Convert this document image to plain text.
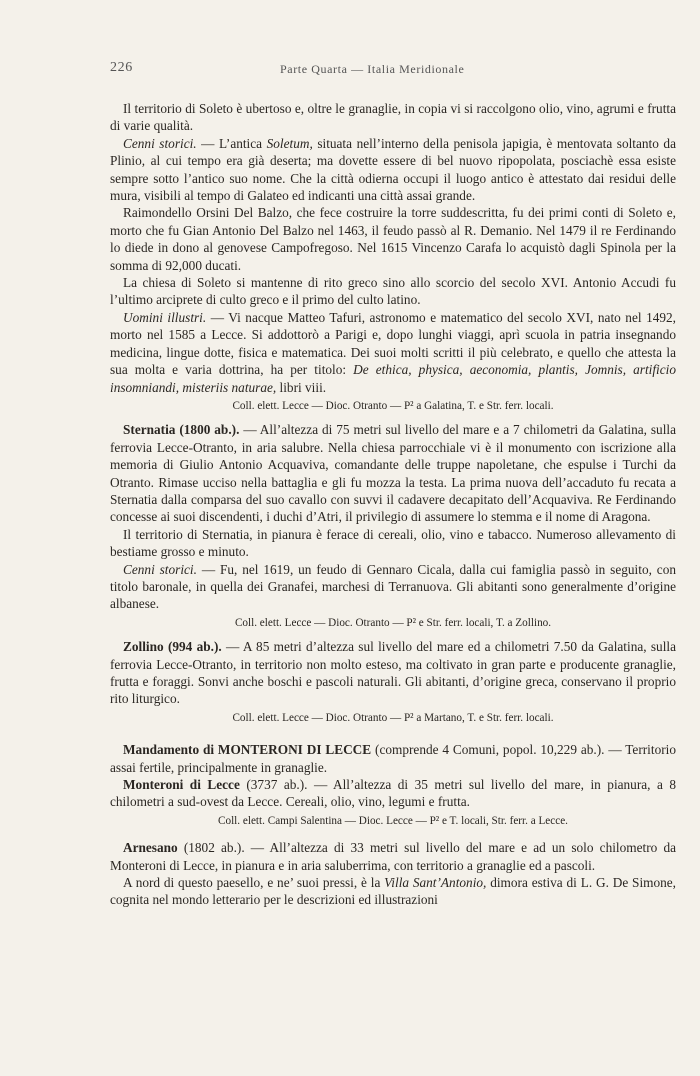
226	Parte Quarta — Italia Meridionale

Il territorio di Soleto è ubertoso e, oltre le granaglie, in copia vi si raccolgono olio, vino, agrumi e frutta di varie qualità.

Cenni storici. — L’antica Soletum, situata nell’interno della penisola japigia, è mentovata soltanto da Plinio, al cui tempo era già deserta; ma dovette essere di bel nuovo ripopolata, posciachè essa esiste sempre sotto l’antico suo nome. Che la città odierna occupi il luogo antico è attestato dai residui delle mura, visibili al tempo di Galateo ed indicanti una città assai grande.

Raimondello Orsini Del Balzo, che fece costruire la torre suddescritta, fu dei primi conti di Soleto e, morto che fu Gian Antonio Del Balzo nel 1463, il feudo passò al R. Demanio. Nel 1479 il re Ferdinando lo diede in dono al genovese Campofregoso. Nel 1615 Vincenzo Carafa lo acquistò dagli Spinola per la somma di 92,000 ducati.

La chiesa di Soleto si mantenne di rito greco sino allo scorcio del secolo XVI. Antonio Accudi fu l’ultimo arciprete di culto greco e il primo del culto latino.

Uomini illustri. — Vi nacque Matteo Tafuri, astronomo e matematico del secolo XVI, nato nel 1492, morto nel 1585 a Lecce. Si addottorò a Parigi e, dopo lunghi viaggi, aprì scuola in patria insegnando medicina, lingue dotte, fisica e matematica. Dei suoi molti scritti il più celebrato, e quello che attesta la sua molta e varia dottrina, ha per titolo: De ethica, physica, aeconomia, plantis, Jomnis, artificio insomniandi, misteriis naturae, libri viii.

Coll. elett. Lecce — Dioc. Otranto — P² a Galatina, T. e Str. ferr. locali.

Sternatia (1800 ab.). — All’altezza di 75 metri sul livello del mare e a 7 chilometri da Galatina, sulla ferrovia Lecce-Otranto, in aria salubre. Nella chiesa parrocchiale vi è il monumento con iscrizione alla memoria di Giulio Antonio Acquaviva, comandante delle truppe napoletane, che espulse i Turchi da Otranto. Rimase ucciso nella battaglia e gli fu mozza la testa. La prima nuova dell’accaduto fu recata a Sternatia dalla comparsa del suo cavallo con suvvi il cadavere decapitato dell’Acquaviva. Re Ferdinando concesse ai suoi discendenti, i duchi d’Atri, il privilegio di assumere lo stemma e il nome di Aragona.

Il territorio di Sternatia, in pianura è ferace di cereali, olio, vino e tabacco. Numeroso allevamento di bestiame grosso e minuto.

Cenni storici. — Fu, nel 1619, un feudo di Gennaro Cicala, dalla cui famiglia passò in seguito, con titolo baronale, in quella dei Granafei, marchesi di Terranuova. Gli abitanti sono generalmente d’origine albanese.

Coll. elett. Lecce — Dioc. Otranto — P² e Str. ferr. locali, T. a Zollino.

Zollino (994 ab.). — A 85 metri d’altezza sul livello del mare ed a chilometri 7.50 da Galatina, sulla ferrovia Lecce-Otranto, in territorio non molto esteso, ma coltivato in gran parte e producente granaglie, frutta e foraggi. Sonvi anche boschi e pascoli naturali. Gli abitanti, d’origine greca, conservano il proprio rito liturgico.

Coll. elett. Lecce — Dioc. Otranto — P² a Martano, T. e Str. ferr. locali.

Mandamento di MONTERONI DI LECCE (comprende 4 Comuni, popol. 10,229 ab.). — Territorio assai fertile, principalmente in granaglie.

Monteroni di Lecce (3737 ab.). — All’altezza di 35 metri sul livello del mare, in pianura, a 8 chilometri a sud-ovest da Lecce. Cereali, olio, vino, legumi e frutta.

Coll. elett. Campi Salentina — Dioc. Lecce — P² e T. locali, Str. ferr. a Lecce.

Arnesano (1802 ab.). — All’altezza di 33 metri sul livello del mare e ad un solo chilometro da Monteroni di Lecce, in pianura e in aria saluberrima, con territorio a granaglie ed a pascoli.

A nord di questo paesello, e ne’ suoi pressi, è la Villa Sant’Antonio, dimora estiva di L. G. De Simone, cognita nel mondo letterario per le descrizioni ed illustrazioni
